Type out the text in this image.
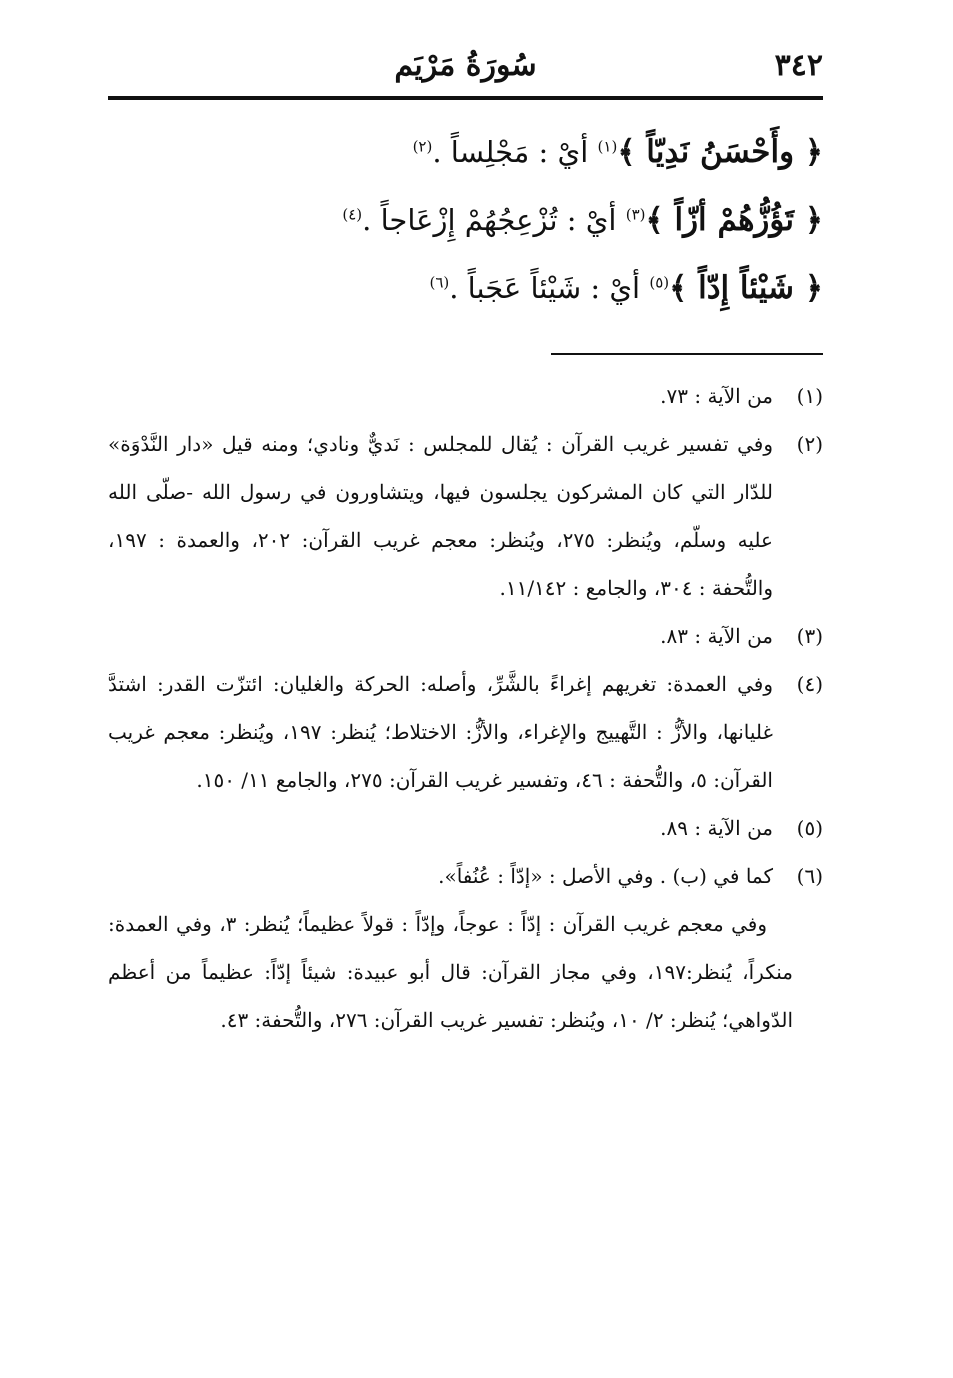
٣٤٢
سُورَةُ مَرْيَم
﴿ وأَحْسَنُ نَدِيّاً ﴾$^{(١)}$ أيْ : مَجْلِساً .$^{(٢)}$
﴿ تَؤُزُّهُمْ أزّاً ﴾$^{(٣)}$ أيْ : تُزْعِجُهُمْ إِزْعَاجاً .$^{(٤)}$
﴿ شَيْئاً إِدّاً ﴾$^{(٥)}$ أيْ : شَيْئاً عَجَباً .$^{(٦)}$
(١)
من الآية : ٧٣.
(٢)
وفي تفسير غريب القرآن : يُقال للمجلس : نَديٌّ ونادي؛ ومنه قيل «دار النَّدْوَة» للدّار التي كان المشركون يجلسون فيها، ويتشاورون في رسول الله -صلّى الله عليه وسلّم، ويُنظر: ٢٧٥، ويُنظر: معجم غريب القرآن: ٢٠٢، والعمدة : ١٩٧، والتُّحفة : ٣٠٤، والجامع : ١١/١٤٢.
(٣)
من الآية : ٨٣.
(٤)
وفي العمدة: تغريهم إغراءً بالشَّرِّ، وأصله: الحركة والغليان: ائتزّت القدر: اشتدَّ غليانها، والأزُّ : التَّهييج والإغراء، والأزُّ: الاختلاط؛ يُنظر: ١٩٧، ويُنظر: معجم غريب القرآن: ٥، والتُّحفة : ٤٦، وتفسير غريب القرآن: ٢٧٥، والجامع ١١/ ١٥٠.
(٥)
من الآية : ٨٩.
(٦)
كما في (ب) . وفي الأصل : «إدّاً : عُنُفاً».
وفي معجم غريب القرآن : إدّاً : عوجاً، وإدّاً : قولاً عظيماً؛ يُنظر: ٣، وفي العمدة: منكراً، يُنظر:١٩٧، وفي مجاز القرآن: قال أبو عبيدة: شيئاً إدّاً: عظيماً من أعظم الدّواهي؛ يُنظر: ٢/ ١٠، ويُنظر: تفسير غريب القرآن: ٢٧٦، والتُّحفة: ٤٣.
